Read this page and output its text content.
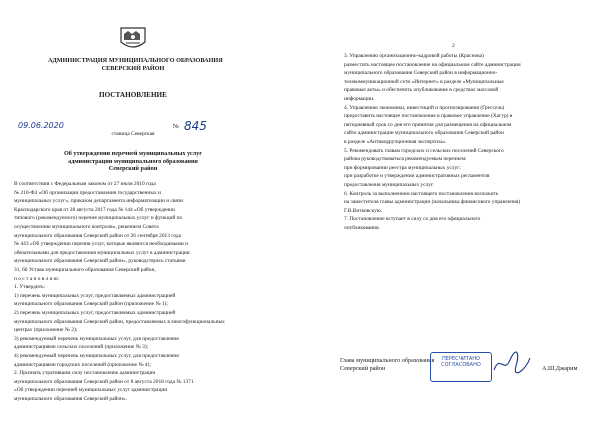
АДМИНИСТРАЦИЯ МУНИЦИПАЛЬНОГО ОБРАЗОВАНИЯ
СЕВЕРСКИЙ РАЙОН
ПОСТАНОВЛЕНИЕ
09.06.2020	№ 845
станица Северская
Об утверждении перечней муниципальных услуг
администрации муниципального образования
Северский район
В соответствии с Федеральным законом от 27 июля 2010 года
№ 210-ФЗ «Об организации предоставления государственных и
муниципальных услуг», приказом департамента информатизации и связи
Краснодарского края от 28 августа 2017 года № 144 «Об утверждении
типового (рекомендуемого) перечня муниципальных услуг и функций по
осуществлению муниципального контроля», решением Совета
муниципального образования Северский район от 26 сентября 2013 года
№ 443 «Об утверждении перечня услуг, которые являются необходимыми и
обязательными для предоставления муниципальных услуг в администрации
муниципального образования Северский район», руководствуясь статьями
31, 66 Устава муниципального образования Северский район,
п о с т а н о в л я ю:
1. Утвердить:
1) перечень муниципальных услуг, предоставляемых администрацией
муниципального образования Северский район (приложение № 1);
2) перечень муниципальных услуг, предоставляемых администрацией
муниципального образования Северский район, предоставляемых в многофункциональных
центрах (приложение № 2);
3) рекомендуемый перечень муниципальных услуг, для предоставления
администрациями сельских поселений (приложение № 3);
4) рекомендуемый перечень муниципальных услуг, для предоставления
администрациями городских поселений (приложение № 4);
2. Признать утратившим силу постановление администрации
муниципального образования Северский район от 8 августа 2018 года № 1371
«Об утверждении перечней муниципальных услуг администрации
муниципального образования Северский район».
2
3. Управлению организационно-кадровой работы (Краснова)
разместить настоящее постановление на официальном сайте администрации
муниципального образования Северский район в информационно-
телекоммуникационной сети «Интернет» в разделе «Муниципальные
правовые акты» и обеспечить опубликование в средствах массовой
информации.
4. Управлению экономики, инвестиций и прогнозирования (Грессель)
предоставить настоящее постановление в правовое управление (Хагур) в
пятидневный срок со дня его принятия для размещения на официальном
сайте администрации муниципального образования Северский район
в разделе «Антикоррупционная экспертиза».
5. Рекомендовать главам городских и сельских поселений Северского
района руководствоваться рекомендуемым перечнем:
при формировании реестра муниципальных услуг;
при разработке и утверждении административных регламентов
предоставления муниципальных услуг.
6. Контроль за выполнением настоящего постановления возложить
на заместителя главы администрации (начальника финансового управления)
Г.В.Витковскую.
7. Постановление вступает в силу со дня его официального
опубликования.
Глава муниципального образования
Северский район	А.Ш.Джарим
ПЕРЕСЧИТАНО СОГЛАСОВАНО
